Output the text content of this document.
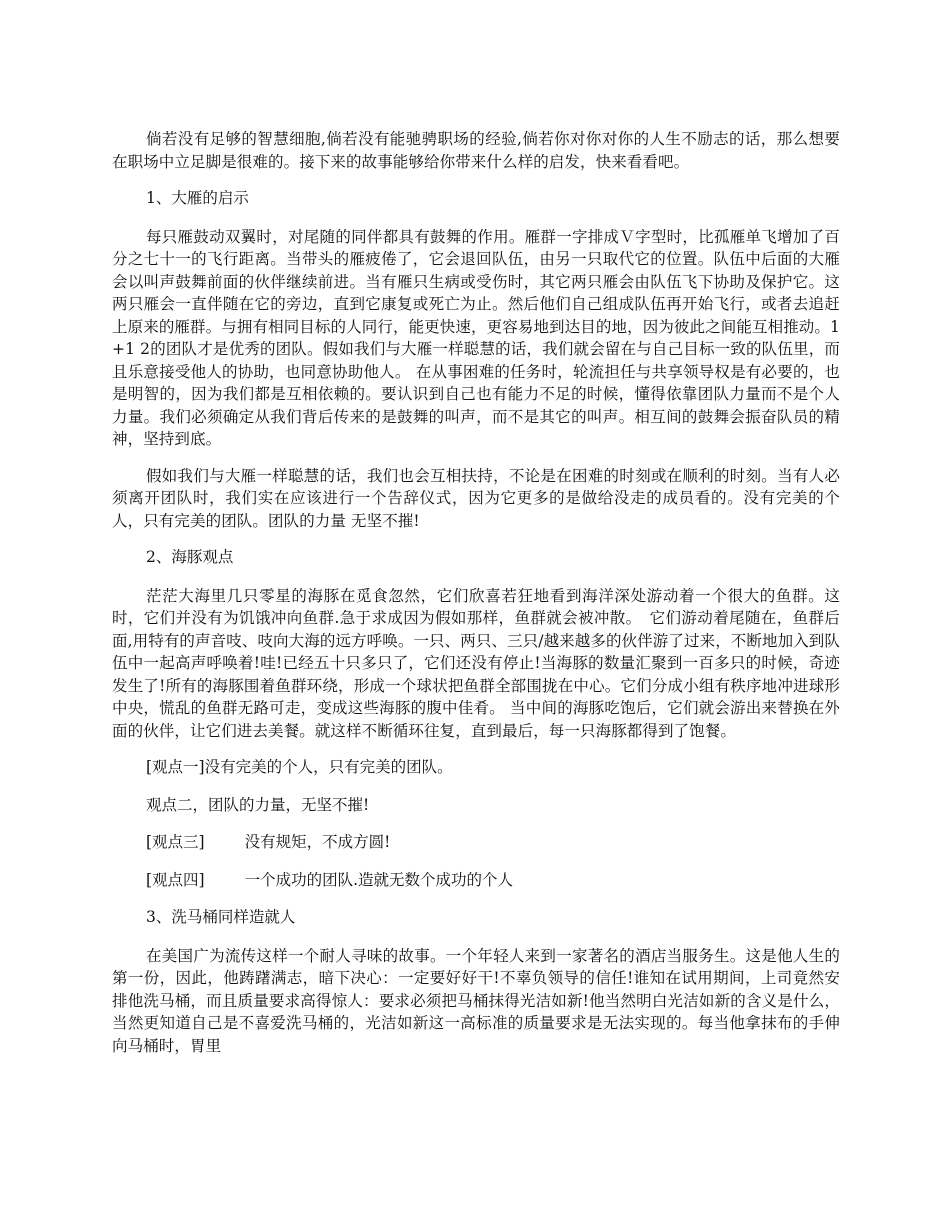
倘若没有足够的智慧细胞,倘若没有能驰骋职场的经验,倘若你对你对你的人生不励志的话，那么想要在职场中立足脚是很难的。接下来的故事能够给你带来什么样的启发，快来看看吧。

1、大雁的启示

每只雁鼓动双翼时，对尾随的同伴都具有鼓舞的作用。雁群一字排成Ｖ字型时，比孤雁单飞增加了百分之七十一的飞行距离。当带头的雁疲倦了，它会退回队伍，由另一只取代它的位置。队伍中后面的大雁会以叫声鼓舞前面的伙伴继续前进。当有雁只生病或受伤时，其它两只雁会由队伍飞下协助及保护它。这两只雁会一直伴随在它的旁边，直到它康复或死亡为止。然后他们自己组成队伍再开始飞行，或者去追赶上原来的雁群。与拥有相同目标的人同行，能更快速，更容易地到达目的地，因为彼此之间能互相推动。1+1 2的团队才是优秀的团队。假如我们与大雁一样聪慧的话，我们就会留在与自己目标一致的队伍里，而且乐意接受他人的协助，也同意协助他人。 在从事困难的任务时，轮流担任与共享领导权是有必要的，也是明智的，因为我们都是互相依赖的。要认识到自己也有能力不足的时候，懂得依靠团队力量而不是个人力量。我们必须确定从我们背后传来的是鼓舞的叫声，而不是其它的叫声。相互间的鼓舞会振奋队员的精神，坚持到底。

假如我们与大雁一样聪慧的话，我们也会互相扶持，不论是在困难的时刻或在顺利的时刻。当有人必须离开团队时，我们实在应该进行一个告辞仪式，因为它更多的是做给没走的成员看的。没有完美的个人，只有完美的团队。团队的力量 无坚不摧!

2、海豚观点

茫茫大海里几只零星的海豚在觅食忽然，它们欣喜若狂地看到海洋深处游动着一个很大的鱼群。这时，它们并没有为饥饿冲向鱼群.急于求成因为假如那样，鱼群就会被冲散。　它们游动着尾随在，鱼群后面,用特有的声音吱、吱向大海的远方呼唤。一只、两只、三只/越来越多的伙伴游了过来，不断地加入到队伍中一起高声呼唤着!哇!已经五十只多只了，它们还没有停止!当海豚的数量汇聚到一百多只的时候，奇迹发生了!所有的海豚围着鱼群环绕，形成一个球状把鱼群全部围拢在中心。它们分成小组有秩序地冲进球形中央，慌乱的鱼群无路可走，变成这些海豚的腹中佳肴。 当中间的海豚吃饱后，它们就会游出来替换在外面的伙伴，让它们进去美餐。就这样不断循环往复，直到最后，每一只海豚都得到了饱餐。

[观点一]没有完美的个人，只有完美的团队。

观点二，团队的力量，无坚不摧!

[观点三]	没有规矩，不成方圆!

[观点四]	一个成功的团队.造就无数个成功的个人

3、洗马桶同样造就人

在美国广为流传这样一个耐人寻味的故事。一个年轻人来到一家著名的酒店当服务生。这是他人生的第一份，因此，他踌躇满志，暗下决心：一定要好好干!不辜负领导的信任!谁知在试用期间，上司竟然安排他洗马桶，而且质量要求高得惊人：要求必须把马桶抹得光洁如新!他当然明白光洁如新的含义是什么，当然更知道自己是不喜爱洗马桶的，光洁如新这一高标准的质量要求是无法实现的。每当他拿抹布的手伸向马桶时，胃里
